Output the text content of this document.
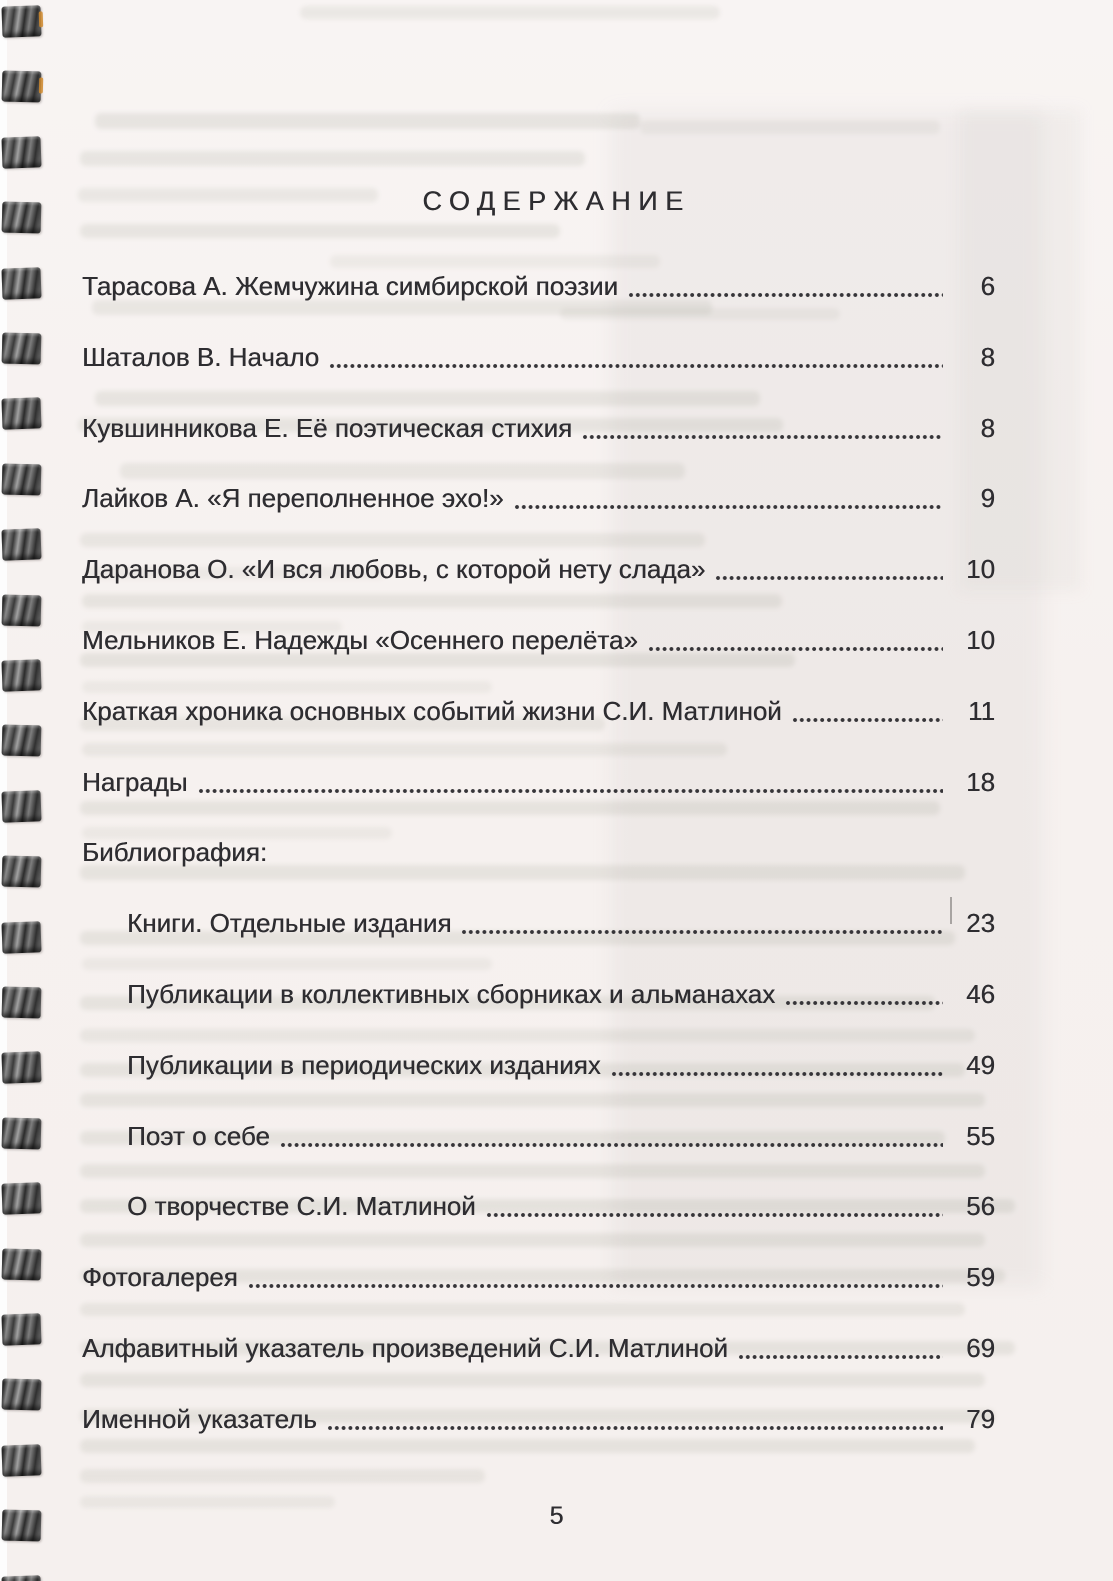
СОДЕРЖАНИЕ
Тарасова А. Жемчужина симбирской поэзии	6
Шаталов В. Начало	8
Кувшинникова Е. Её поэтическая стихия	8
Лайков А. «Я переполненное эхо!»	9
Даранова О. «И вся любовь, с которой нету слада»	10
Мельников Е. Надежды «Осеннего перелёта»	10
Краткая хроника основных событий жизни С.И. Матлиной	11
Награды	18
Библиография:
Книги. Отдельные издания	23
Публикации в коллективных сборниках и альманахах	46
Публикации в периодических изданиях	49
Поэт о себе	55
О творчестве С.И. Матлиной	56
Фотогалерея	59
Алфавитный указатель произведений С.И. Матлиной	69
Именной указатель	79
5
